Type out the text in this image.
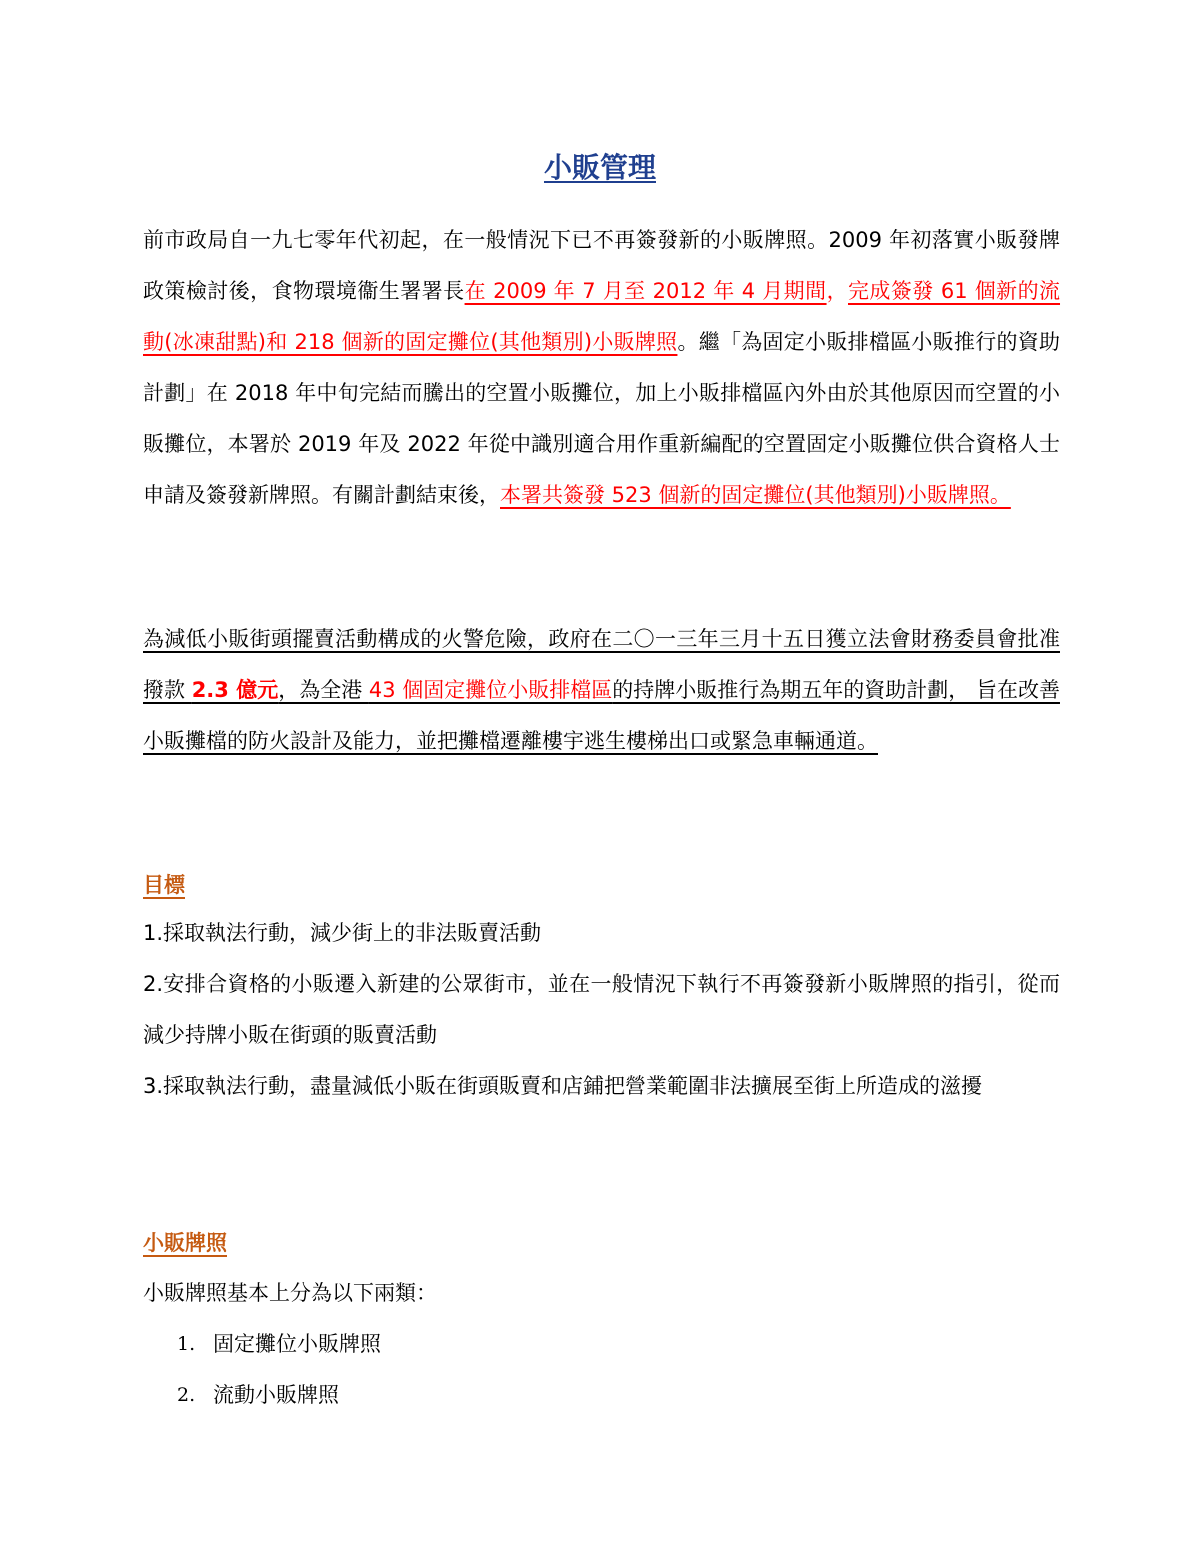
小販管理

前市政局自一九七零年代初起，在一般情況下已不再簽發新的小販牌照。2009 年初落實小販發牌政策檢討後，食物環境衞生署署長在 2009 年 7 月至 2012 年 4 月期間，完成簽發 61 個新的流動(冰凍甜點)和 218 個新的固定攤位(其他類別)小販牌照。繼「為固定小販排檔區小販推行的資助計劃」在 2018 年中旬完結而騰出的空置小販攤位，加上小販排檔區內外由於其他原因而空置的小販攤位，本署於 2019 年及 2022 年從中識別適合用作重新編配的空置固定小販攤位供合資格人士申請及簽發新牌照。有關計劃結束後，本署共簽發 523 個新的固定攤位(其他類別)小販牌照。

為減低小販街頭擺賣活動構成的火警危險，政府在二〇一三年三月十五日獲立法會財務委員會批准撥款 2.3 億元，為全港 43 個固定攤位小販排檔區的持牌小販推行為期五年的資助計劃， 旨在改善小販攤檔的防火設計及能力，並把攤檔遷離樓宇逃生樓梯出口或緊急車輛通道。

目標

1.採取執法行動，減少街上的非法販賣活動

2.安排合資格的小販遷入新建的公眾街市，並在一般情況下執行不再簽發新小販牌照的指引，從而減少持牌小販在街頭的販賣活動

3.採取執法行動，盡量減低小販在街頭販賣和店鋪把營業範圍非法擴展至街上所造成的滋擾

小販牌照

小販牌照基本上分為以下兩類：

1. 固定攤位小販牌照
2. 流動小販牌照
